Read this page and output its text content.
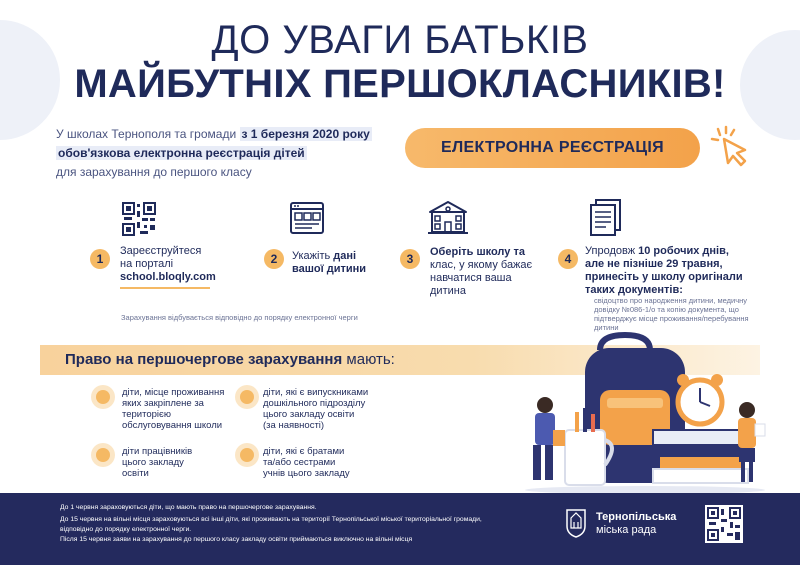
ДО УВАГИ БАТЬКІВ
МАЙБУТНІХ ПЕРШОКЛАСНИКІВ!
У школах Тернополя та громади з 1 березня 2020 року
обов'язкова електронна реєстрація дітей
для зарахування до першого класу
ЕЛЕКТРОННА РЕЄСТРАЦІЯ
1
Зареєструйтеся
на порталі
school.bloqly.com
2	Укажіть дані
вашої дитини
3	Оберіть школу та
клас, у якому бажає
навчатися ваша
дитина
4
Упродовж 10 робочих днів,
але не пізніше 29 травня,
принесіть у школу оригінали
таких документів:
свідоцтво про народження дитини, медичну
довідку №086-1/о та копію документа, що
підтверджує місце проживання/перебування
дитини
Зарахування відбувається відповідно до порядку електронної черги
Право на першочергове зарахування мають:
діти, місце проживання
яких закріплене за
територією
обслуговування школи
діти, які є випускниками
дошкільного підрозділу
цього закладу освіти
(за наявності)
діти працівників
цього закладу
освіти
діти, які є братами
та/або сестрами
учнів цього закладу
До 1 червня зараховуються діти, що мають право на першочергове зарахування.
До 15 червня на вільні місця зараховуються всі інші діти, які проживають на території Тернопільської міської територіальної громади,
відповідно до порядку електронної черги.
Після 15 червня заяви на зарахування до першого класу закладу освіти приймаються виключно на вільні місця
Тернопільська
міська рада
